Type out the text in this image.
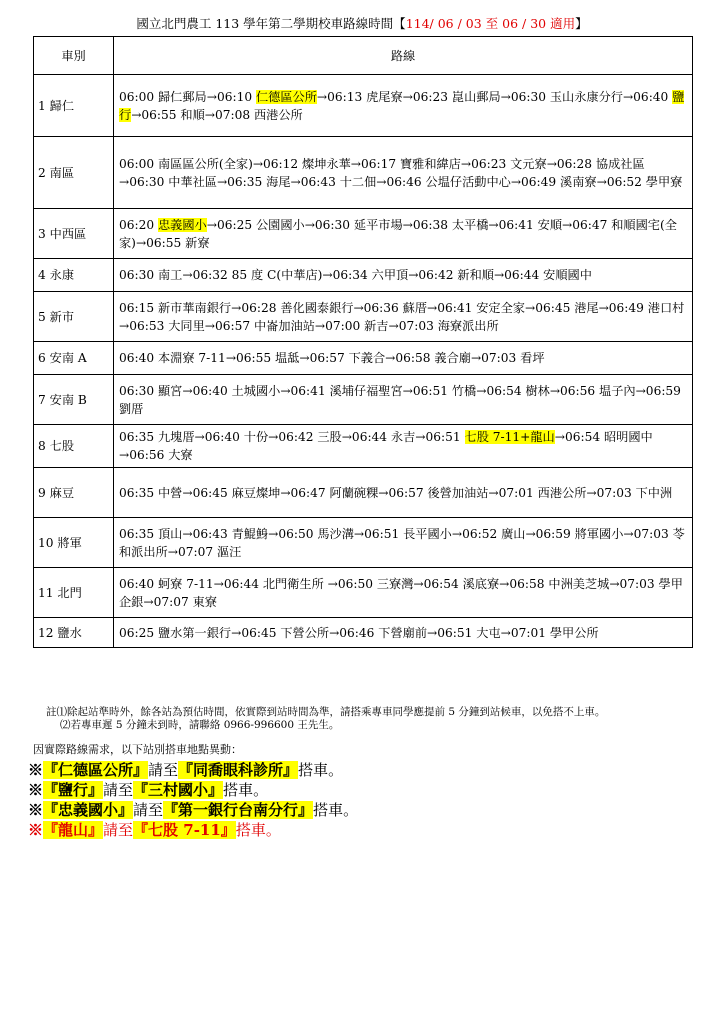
國立北門農工 113 學年第二學期校車路線時間【114/ 06 / 03 至 06 / 30 適用】
車別	路線
1 歸仁	06:00 歸仁郵局→06:10 仁德區公所→06:13 虎尾寮→06:23 崑山郵局→06:30 玉山永康分行→06:40 鹽行→06:55 和順→07:08 西港公所
2 南區	06:00 南區區公所(全家)→06:12 燦坤永華→06:17 寶雅和緯店→06:23 文元寮→06:28 協成社區→06:30 中華社區→06:35 海尾→06:43 十二佃→06:46 公塭仔活動中心→06:49 溪南寮→06:52 學甲寮
3 中西區	06:20 忠義國小→06:25 公園國小→06:30 延平市場→06:38 太平橋→06:41 安順→06:47 和順國宅(全家)→06:55 新寮
4 永康	06:30 南工→06:32 85 度 C(中華店)→06:34 六甲頂→06:42 新和順→06:44 安順國中
5 新市	06:15 新市華南銀行→06:28 善化國泰銀行→06:36 蘇厝→06:41 安定全家→06:45 港尾→06:49 港口村→06:53 大同里→06:57 中崙加油站→07:00 新吉→07:03 海寮派出所
6 安南 A	06:40 本淵寮 7-11→06:55 塭䑛→06:57 下義合→06:58 義合廟→07:03 看坪
7 安南 B	06:30 顯宮→06:40 土城國小→06:41 溪埔仔福聖宮→06:51 竹橋→06:54 樹林→06:56 塭子內→06:59 劉厝
8 七股	06:35 九塊厝→06:40 十份→06:42 三股→06:44 永吉→06:51 七股 7-11+龍山→06:54 昭明國中→06:56 大寮
9 麻豆	06:35 中營→06:45 麻豆燦坤→06:47 阿蘭碗粿→06:57 後營加油站→07:01 西港公所→07:03 下中洲
10 將軍	06:35 頂山→06:43 青鯤鯓→06:50 馬沙溝→06:51 長平國小→06:52 廣山→06:59 將軍國小→07:03 苓和派出所→07:07 漚汪
11 北門	06:40 蚵寮 7-11→06:44 北門衛生所 →06:50 三寮灣→06:54 溪底寮→06:58 中洲美芝城→07:03 學甲企銀→07:07 東寮
12 鹽水	06:25 鹽水第一銀行→06:45 下營公所→06:46 下營廟前→06:51 大屯→07:01 學甲公所
註⑴除起站準時外，餘各站為預估時間，依實際到站時間為準，請搭乘專車同學應提前 5 分鐘到站候車，以免搭不上車。
⑵若專車遲 5 分鐘未到時，請聯絡 0966-996600 王先生。
因實際路線需求，以下站別搭車地點異動：
※『仁德區公所』請至『同喬眼科診所』搭車。
※『鹽行』請至『三村國小』搭車。
※『忠義國小』請至『第一銀行台南分行』搭車。
※『龍山』請至『七股 7-11』搭車。
